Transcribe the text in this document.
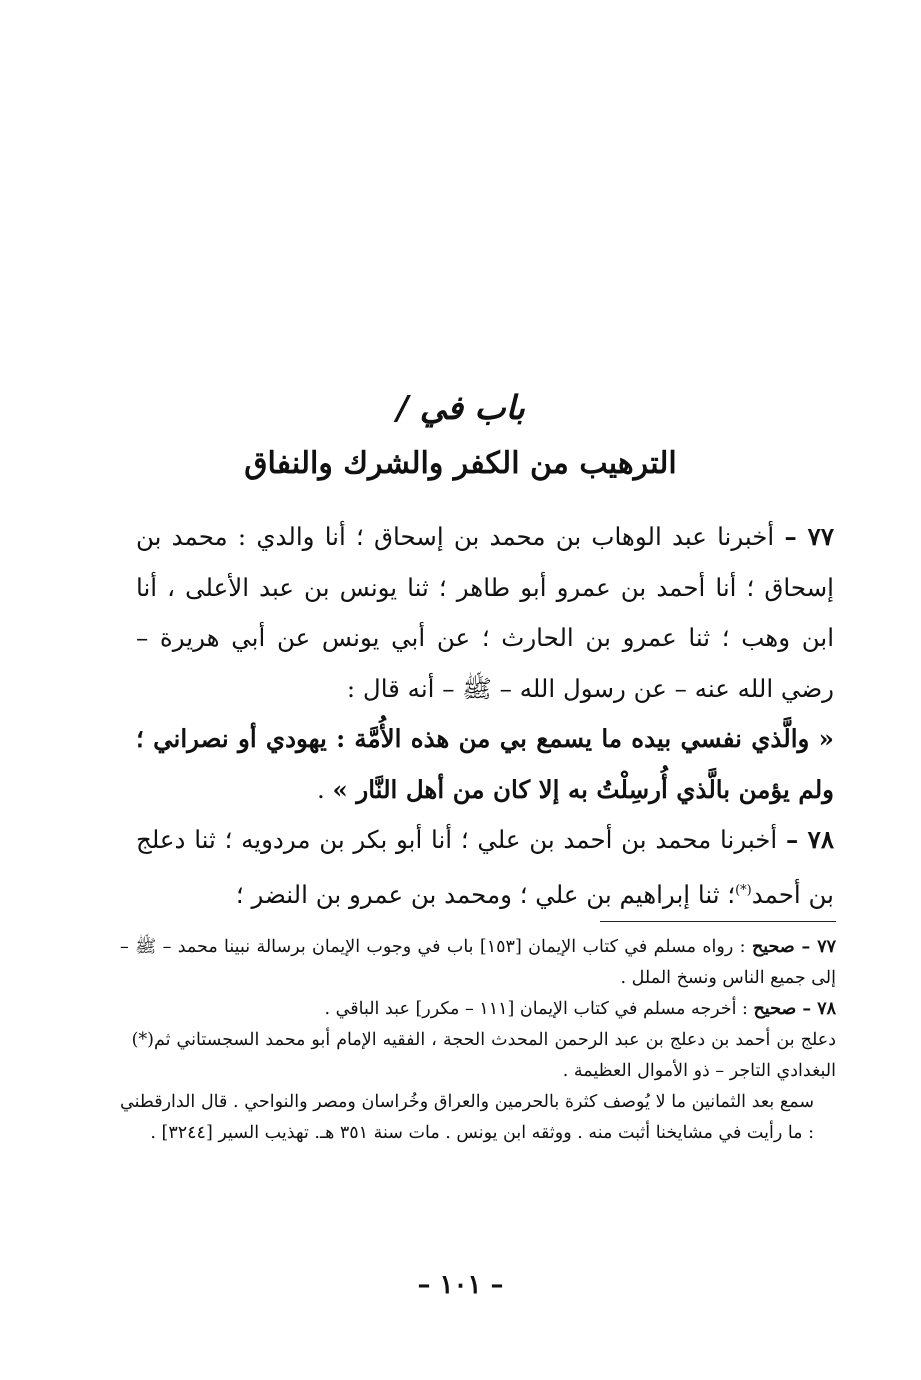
باب في /
الترهيب من الكفر والشرك والنفاق

٧٧ – أخبرنا عبد الوهاب بن محمد بن إسحاق ؛ أنا والدي : محمد بن إسحاق ؛ أنا أحمد بن عمرو أبو طاهر ؛ ثنا يونس بن عبد الأعلى ، أنا ابن وهب ؛ ثنا عمرو بن الحارث ؛ عن أبي يونس عن أبي هريرة – رضي الله عنه – عن رسول الله – ﷺ – أنه قال :

« والَّذي نفسي بيده ما يسمع بي من هذه الأُمَّة : يهودي أو نصراني ؛ ولم يؤمن بالَّذي أُرسِلْتُ به إلا كان من أهل النَّار » .

٧٨ – أخبرنا محمد بن أحمد بن علي ؛ أنا أبو بكر بن مردويه ؛ ثنا دعلج بن أحمد(*)؛ ثنا إبراهيم بن علي ؛ ومحمد بن عمرو بن النضر ؛

٧٧ – صحيح : رواه مسلم في كتاب الإيمان [١٥٣] باب في وجوب الإيمان برسالة نبينا محمد – ﷺ – إلى جميع الناس ونسخ الملل .

٧٨ – صحيح : أخرجه مسلم في كتاب الإيمان [١١١ – مكرر] عبد الباقي .

دعلج بن أحمد بن دعلج بن عبد الرحمن المحدث الحجة ، الفقيه الإمام أبو محمد السجستاني ثم البغدادي التاجر – ذو الأموال العظيمة .
(*)

سمع بعد الثمانين ما لا يُوصف كثرة بالحرمين والعراق وخُراسان ومصر والنواحي . قال الدارقطني : ما رأيت في مشايخنا أثبت منه . ووثقه ابن يونس . مات سنة ٣٥١ هـ. تهذيب السير [٣٢٤٤] .

– ١٠١ –
